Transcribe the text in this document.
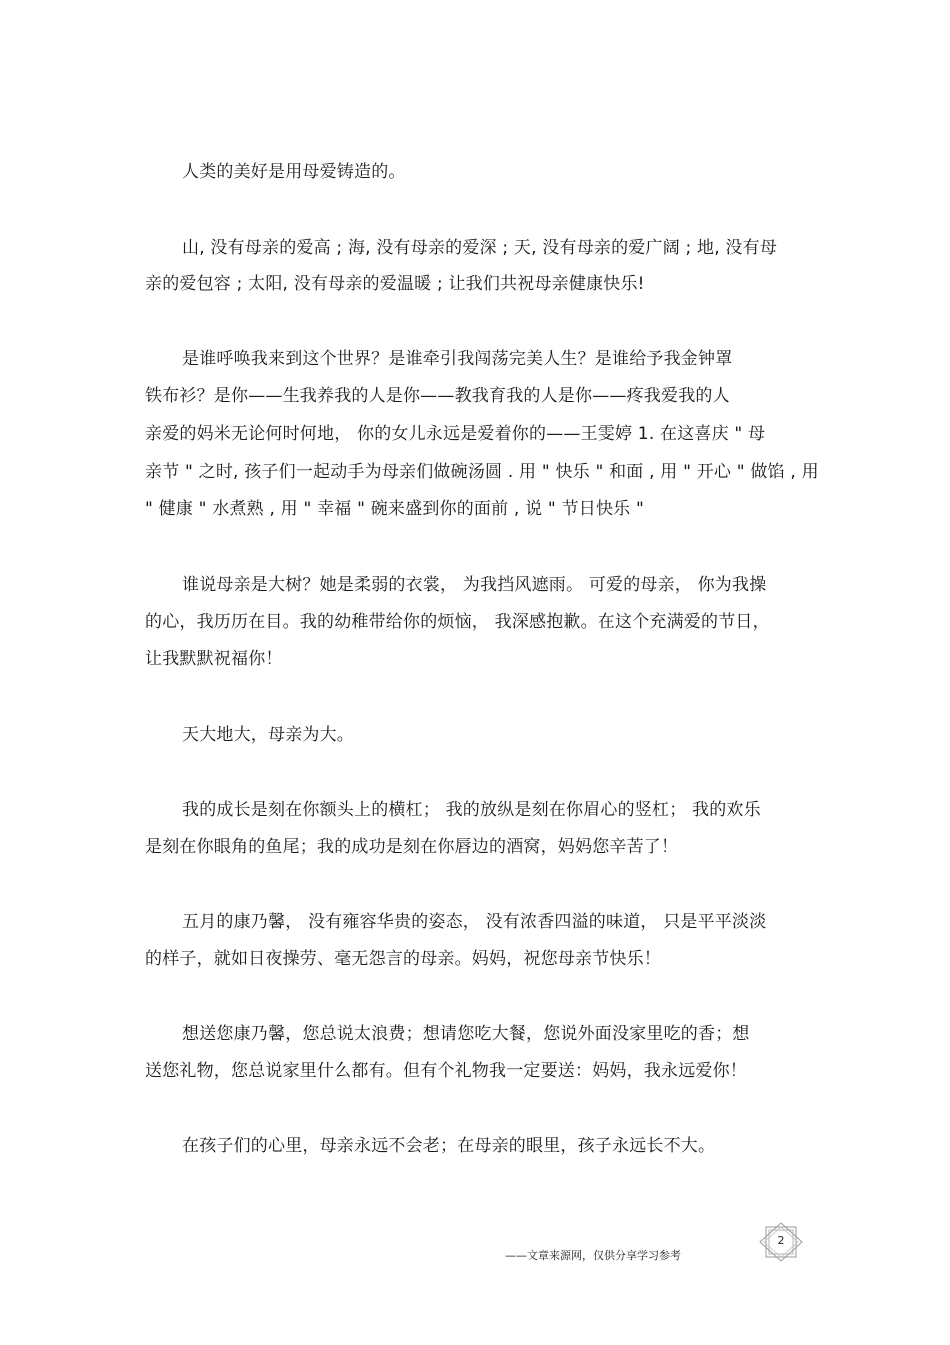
人类的美好是用母爱铸造的。
山, 没有母亲的爱高 ; 海, 没有母亲的爱深 ; 天, 没有母亲的爱广阔 ; 地, 没有母
亲的爱包容 ; 太阳, 没有母亲的爱温暖 ; 让我们共祝母亲健康快乐!
是谁呼唤我来到这个世界？是谁牵引我闯荡完美人生？是谁给予我金钟罩
铁布衫？是你——生我养我的人是你——教我育我的人是你——疼我爱我的人
亲爱的妈米无论何时何地， 你的女儿永远是爱着你的——王雯婷 1. 在这喜庆 " 母
亲节 " 之时, 孩子们一起动手为母亲们做碗汤圆 . 用 " 快乐 " 和面 , 用 " 开心 " 做馅 , 用
" 健康 " 水煮熟 , 用 " 幸福 " 碗来盛到你的面前 , 说 " 节日快乐 "
谁说母亲是大树？她是柔弱的衣裳， 为我挡风遮雨。 可爱的母亲， 你为我操
的心，我历历在目。我的幼稚带给你的烦恼， 我深感抱歉。在这个充满爱的节日，
让我默默祝福你！
天大地大，母亲为大。
我的成长是刻在你额头上的横杠； 我的放纵是刻在你眉心的竖杠； 我的欢乐
是刻在你眼角的鱼尾；我的成功是刻在你唇边的酒窝，妈妈您辛苦了！
五月的康乃馨， 没有雍容华贵的姿态， 没有浓香四溢的味道， 只是平平淡淡
的样子，就如日夜操劳、毫无怨言的母亲。妈妈，祝您母亲节快乐！
想送您康乃馨，您总说太浪费；想请您吃大餐，您说外面没家里吃的香；想
送您礼物，您总说家里什么都有。但有个礼物我一定要送：妈妈，我永远爱你！
在孩子们的心里，母亲永远不会老；在母亲的眼里，孩子永远长不大。
——文章来源网，仅供分享学习参考
2
